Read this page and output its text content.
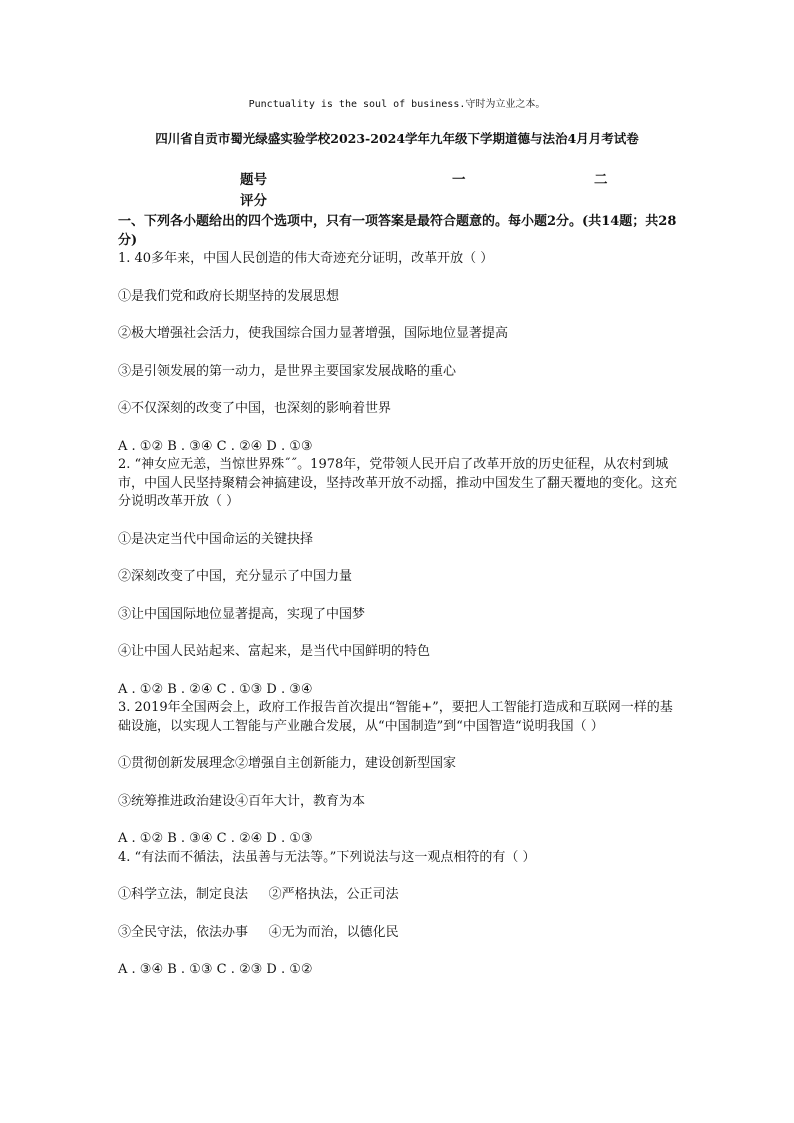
Punctuality is the soul of business.守时为立业之本。
四川省自贡市蜀光绿盛实验学校2023-2024学年九年级下学期道德与法治4月月考试卷
题号
评分
一	二

一、下列各小题给出的四个选项中，只有一项答案是最符合题意的。每小题2分。(共14题；共28分)

1. 40多年来，中国人民创造的伟大奇迹充分证明，改革开放（ ）

①是我们党和政府长期坚持的发展思想

②极大增强社会活力，使我国综合国力显著增强，国际地位显著提高

③是引领发展的第一动力，是世界主要国家发展战略的重心

④不仅深刻的改变了中国，也深刻的影响着世界

A . ①② B . ③④ C . ②④ D . ①③

2. “神女应无恙，当惊世界殊˝˝。1978年，党带领人民开启了改革开放的历史征程，从农村到城市，中国人民坚持聚精会神搞建设，坚持改革开放不动摇，推动中国发生了翻天覆地的变化。这充分说明改革开放（ ）

①是决定当代中国命运的关键抉择

②深刻改变了中国，充分显示了中国力量

③让中国国际地位显著提高，实现了中国梦

④让中国人民站起来、富起来，是当代中国鲜明的特色

A . ①② B . ②④ C . ①③ D . ③④

3. 2019年全国两会上，政府工作报告首次提出“智能+”，要把人工智能打造成和互联网一样的基础设施，以实现人工智能与产业融合发展，从“中国制造”到“中国智造“说明我国（ ）

①贯彻创新发展理念②增强自主创新能力，建设创新型国家

③统筹推进政治建设④百年大计，教育为本

A . ①② B . ③④ C . ②④ D . ①③

4. “有法而不循法，法虽善与无法等。”下列说法与这一观点相符的有（ ）

①科学立法，制定良法     ②严格执法，公正司法

③全民守法，依法办事     ④无为而治，以德化民

A . ③④ B . ①③ C . ②③ D . ①②
